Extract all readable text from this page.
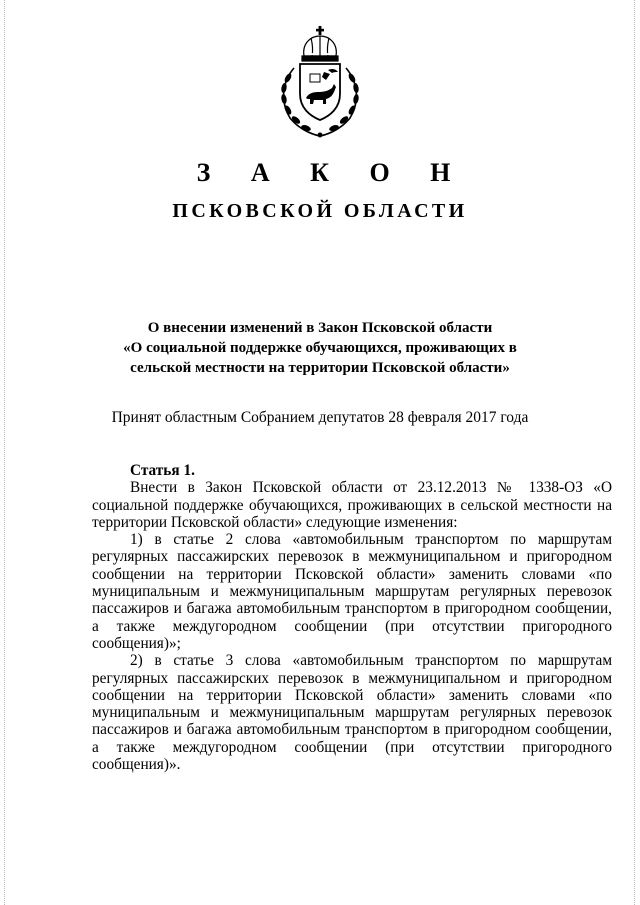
З А К О Н
ПСКОВСКОЙ ОБЛАСТИ
О внесении изменений в Закон Псковской области
«О социальной поддержке обучающихся, проживающих в сельской местности на территории Псковской области»
Принят областным Собранием депутатов 28 февраля 2017 года

Статья 1.

Внести в Закон Псковской области от 23.12.2013 № 1338-ОЗ «О социальной поддержке обучающихся, проживающих в сельской местности на территории Псковской области» следующие изменения:

1) в статье 2 слова «автомобильным транспортом по маршрутам регулярных пассажирских перевозок в межмуниципальном и пригородном сообщении на территории Псковской области» заменить словами «по муниципальным и межмуниципальным маршрутам регулярных перевозок пассажиров и багажа автомобильным транспортом в пригородном сообщении, а также междугородном сообщении (при отсутствии пригородного сообщения)»;

2) в статье 3 слова «автомобильным транспортом по маршрутам регулярных пассажирских перевозок в межмуниципальном и пригородном сообщении на территории Псковской области» заменить словами «по муниципальным и межмуниципальным маршрутам регулярных перевозок пассажиров и багажа автомобильным транспортом в пригородном сообщении, а также междугородном сообщении (при отсутствии пригородного сообщения)».
